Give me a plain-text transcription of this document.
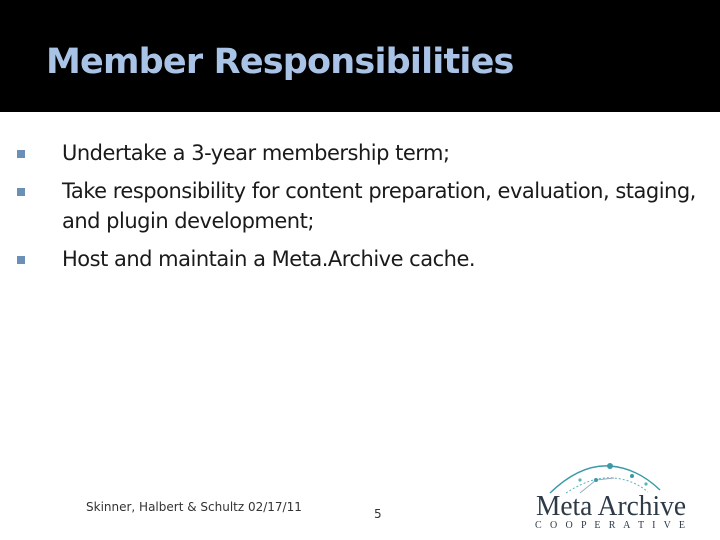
Member Responsibilities
Undertake a 3-year membership term;
Take responsibility for content preparation, evaluation, staging, and plugin development;
Host and maintain a Meta.Archive cache.
Skinner, Halbert & Schultz 02/17/11	5	Meta Archive
C O O P E R A T I V E
